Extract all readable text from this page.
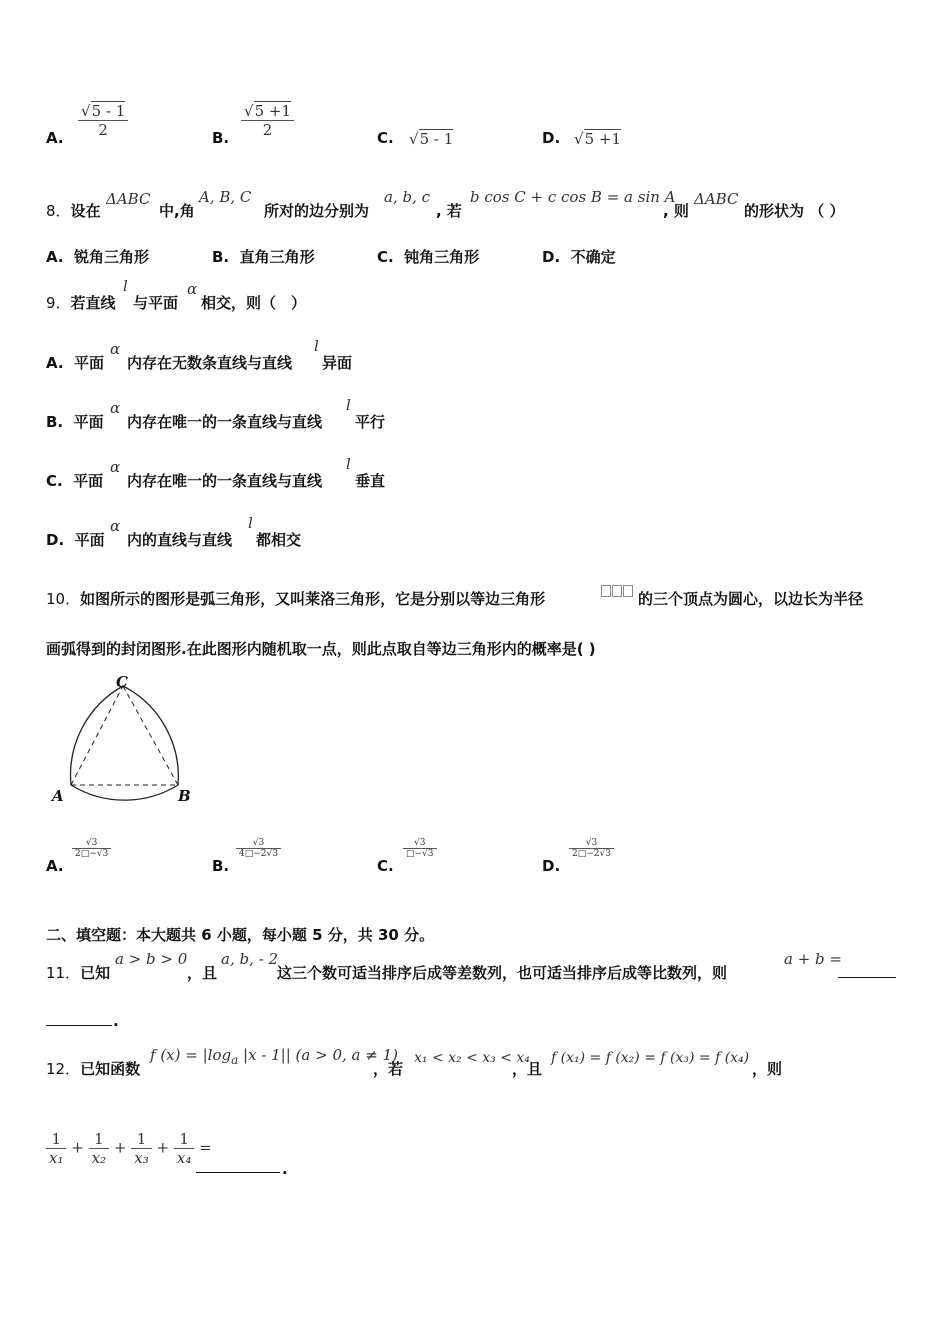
A. $\frac{√5 - 1}{2}$	B. $\frac{√5 +1}{2}$	C. √5 - 1	D. √5 +1
8．设在
ΔABC
中,角
A, B, C
所对的边分别为
a, b, c
, 若
b cos C + c cos B = a sin A
, 则
ΔABC
的形状为 （ ）
A. 锐角三角形	B. 直角三角形	C. 钝角三角形	D. 不确定
9．若直线
l
与平面
α
相交，则（　）
A. 平面
α
内存在无数条直线与直线
l
异面
B. 平面
α
内存在唯一的一条直线与直线
l
平行
C. 平面
α
内存在唯一的一条直线与直线
l
垂直
D. 平面
α
内的直线与直线
l
都相交
10．如图所示的图形是弧三角形，又叫莱洛三角形，它是分别以等边三角形	的三个顶点为圆心，以边长为半径
画弧得到的封闭图形.在此图形内随机取一点，则此点取自等边三角形内的概率是( )
C
A	B
A.
$\frac{√3}{2□-√3}$
B.
$\frac{√3}{4□-2√3}$
C.
$\frac{√3}{□-√3}$
D.
$\frac{√3}{2□-2√3}$
二、填空题：本大题共 6 小题，每小题 5 分，共 30 分。
11．已知
a > b > 0
，且
a, b, - 2
这三个数可适当排序后成等差数列，也可适当排序后成等比数列，则
a + b =
.
12．已知函数
f $(x) = |\log_a$ |x - 1|| (a > 0, a ≠ 1)
，若
x₁ < x₂ < x₃ < x₄
，且
f (x₁) = f (x₂) = f (x₃) = f (x₄)
，则
$\frac{1}{\text{x₁}} + \frac{1}{\text{x₂}} + \frac{1}{\text{x₃}} + \frac{1}{\text{x₄}}$ =
.
